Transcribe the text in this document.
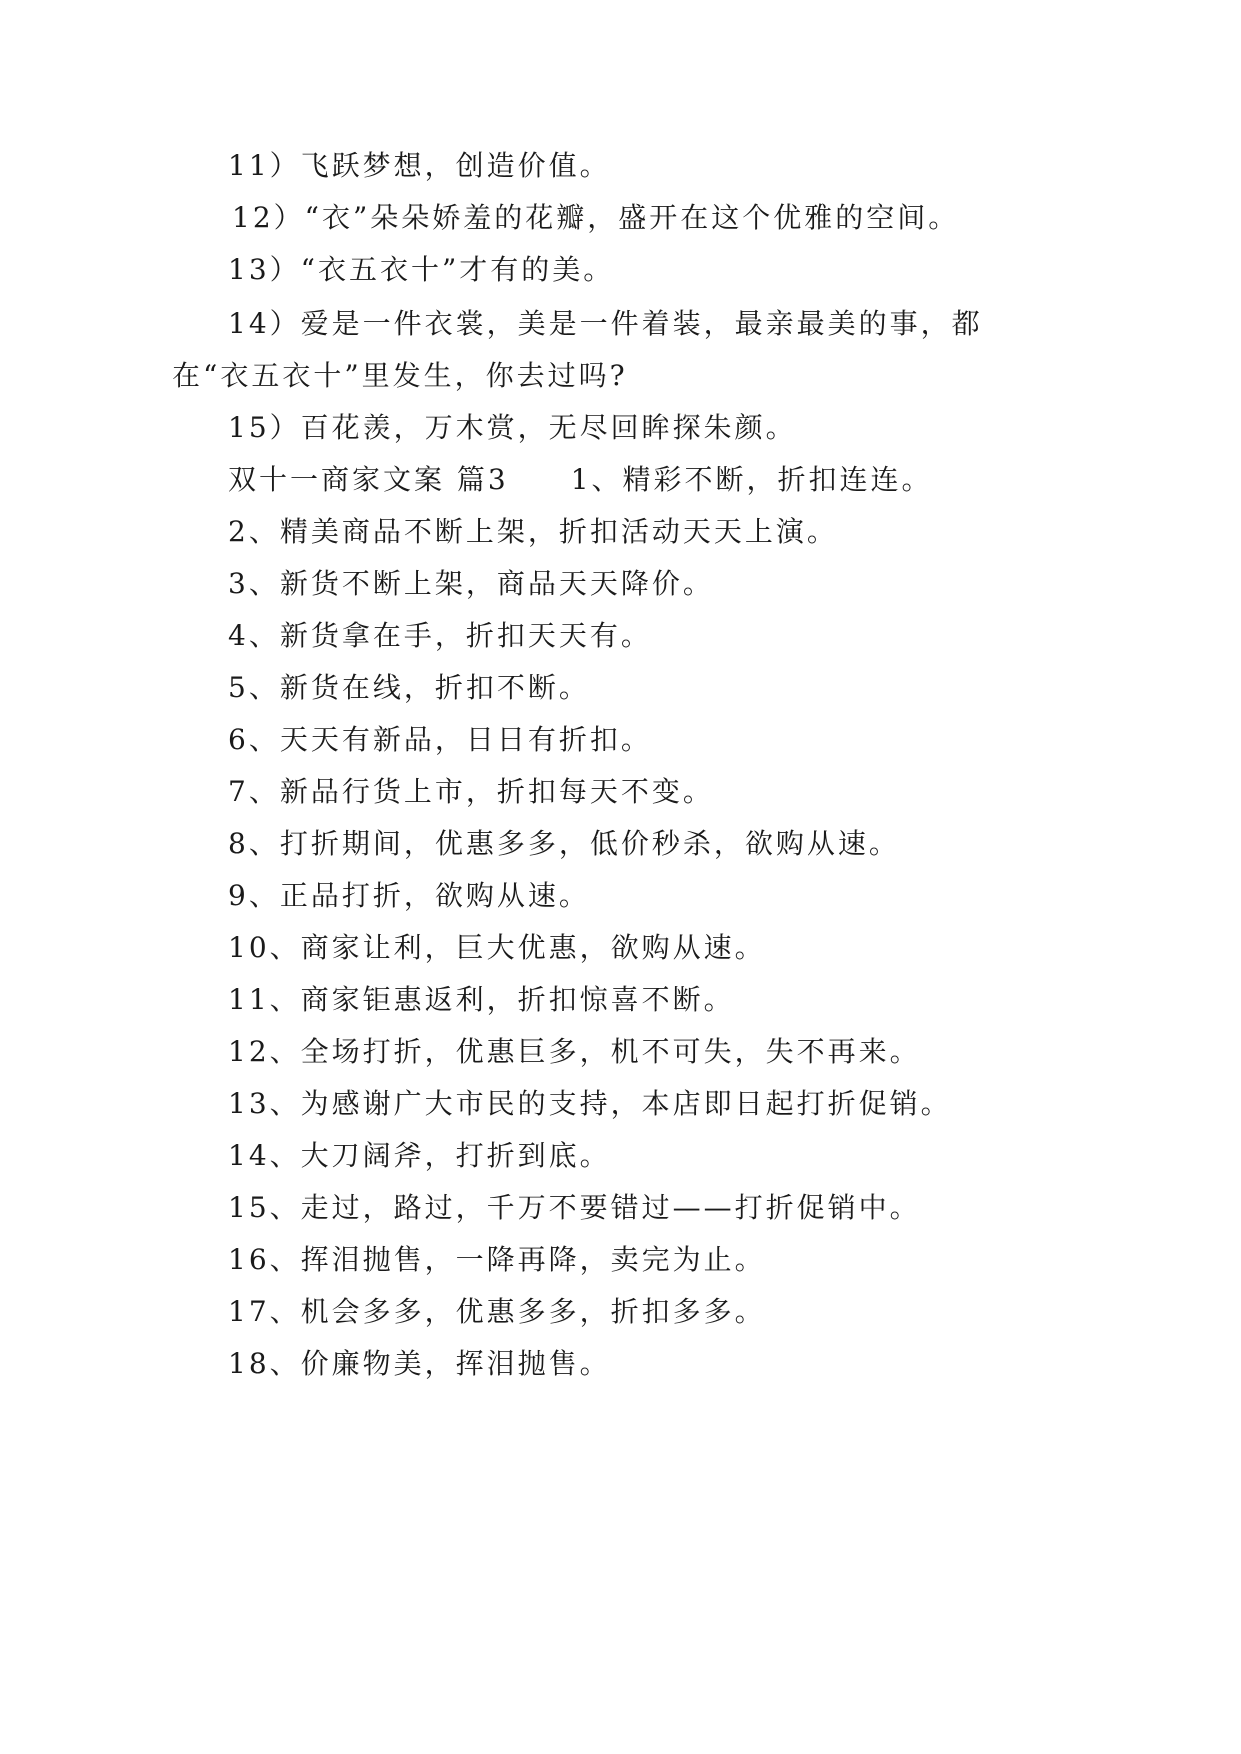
11）飞跃梦想，创造价值。
12）“衣”朵朵娇羞的花瓣，盛开在这个优雅的空间。
13）“衣五衣十”才有的美。
14）爱是一件衣裳，美是一件着装，最亲最美的事，都
在“衣五衣十”里发生，你去过吗?
15）百花羡，万木赏，无尽回眸探朱颜。
双十一商家文案 篇3　　1、精彩不断，折扣连连。
2、精美商品不断上架，折扣活动天天上演。
3、新货不断上架，商品天天降价。
4、新货拿在手，折扣天天有。
5、新货在线，折扣不断。
6、天天有新品，日日有折扣。
7、新品行货上市，折扣每天不变。
8、打折期间，优惠多多，低价秒杀，欲购从速。
9、正品打折，欲购从速。
10、商家让利，巨大优惠，欲购从速。
11、商家钜惠返利，折扣惊喜不断。
12、全场打折，优惠巨多，机不可失，失不再来。
13、为感谢广大市民的支持，本店即日起打折促销。
14、大刀阔斧，打折到底。
15、走过，路过，千万不要错过——打折促销中。
16、挥泪抛售，一降再降，卖完为止。
17、机会多多，优惠多多，折扣多多。
18、价廉物美，挥泪抛售。
